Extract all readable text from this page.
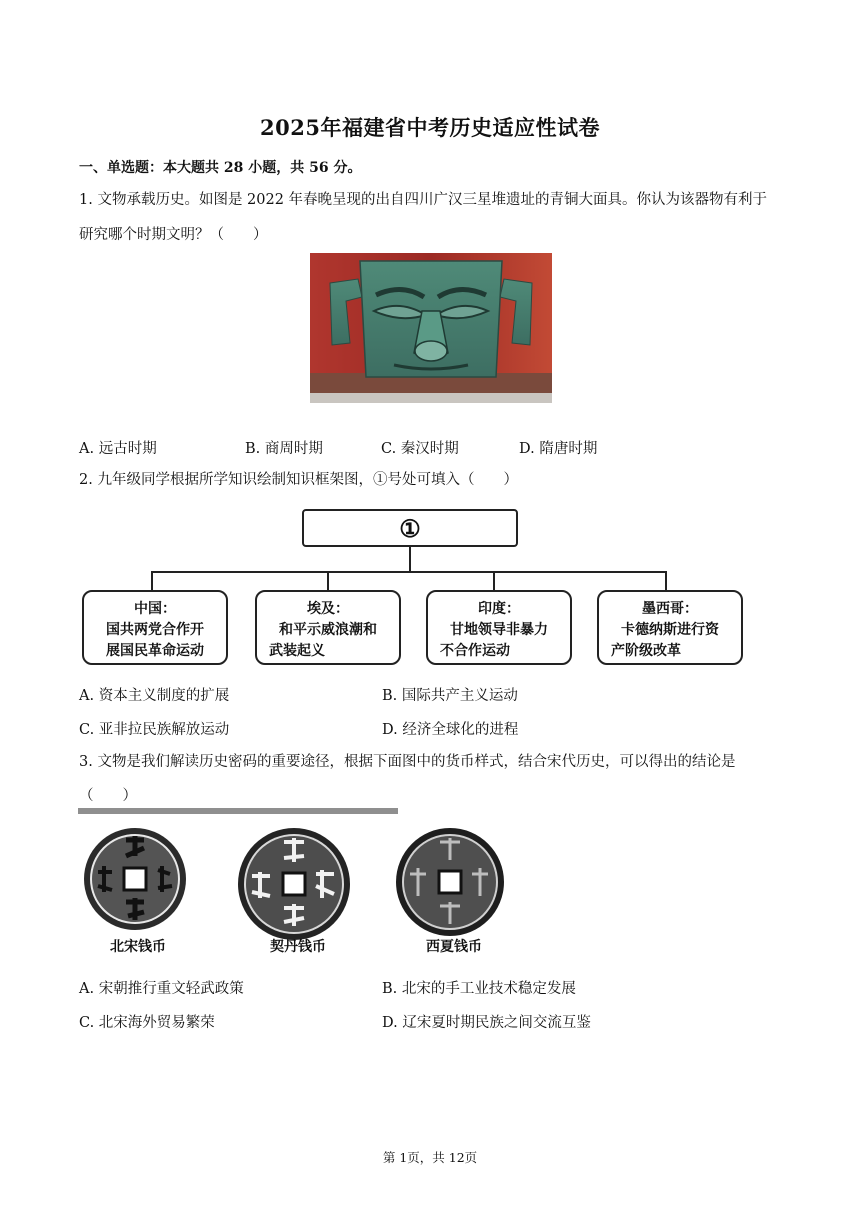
2025年福建省中考历史适应性试卷
一、单选题：本大题共 28 小题，共 56 分。
1. 文物承载历史。如图是 2022 年春晚呈现的出自四川广汉三星堆遗址的青铜大面具。你认为该器物有利于
研究哪个时期文明？（　　）
A. 远古时期	B. 商周时期	C. 秦汉时期	D. 隋唐时期
2. 九年级同学根据所学知识绘制知识框架图，①号处可填入（　　）
①
中国：
国共两党合作开
展国民革命运动
埃及：
和平示威浪潮和
武装起义
印度：
甘地领导非暴力
不合作运动
墨西哥：
卡德纳斯进行资
产阶级改革
A. 资本主义制度的扩展	B. 国际共产主义运动
C. 亚非拉民族解放运动	D. 经济全球化的进程
3. 文物是我们解读历史密码的重要途径，根据下面图中的货币样式，结合宋代历史，可以得出的结论是
（　　）
北宋钱币	契丹钱币	西夏钱币
A. 宋朝推行重文轻武政策	B. 北宋的手工业技术稳定发展
C. 北宋海外贸易繁荣	D. 辽宋夏时期民族之间交流互鉴
第 1页，共 12页
